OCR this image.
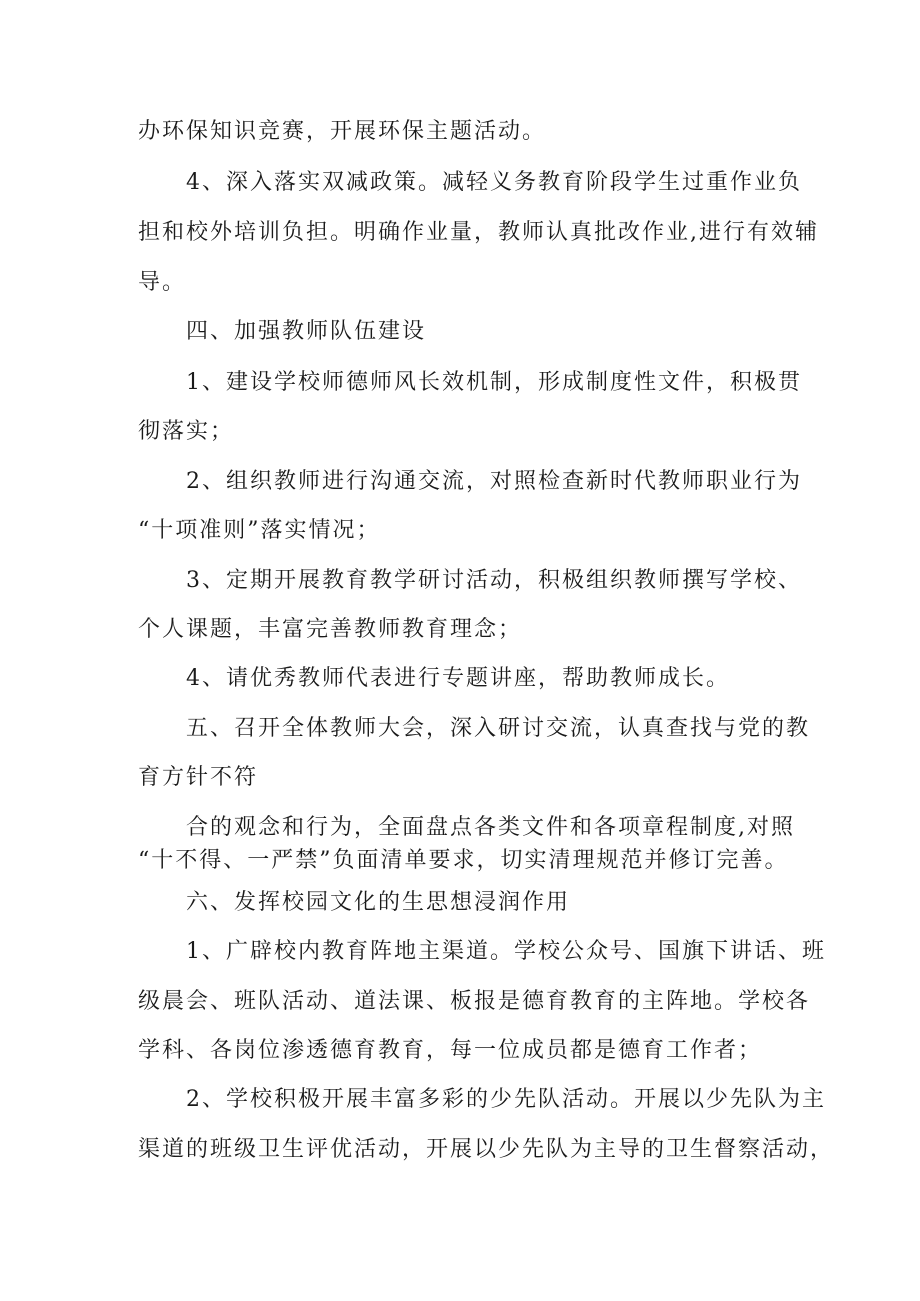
办环保知识竞赛，开展环保主题活动。
4、深入落实双减政策。减轻义务教育阶段学生过重作业负
担和校外培训负担。明确作业量，教师认真批改作业,进行有效辅
导。
四、加强教师队伍建设
1、建设学校师德师风长效机制，形成制度性文件，积极贯
彻落实；
2、组织教师进行沟通交流，对照检查新时代教师职业行为
“十项准则”落实情况；
3、定期开展教育教学研讨活动，积极组织教师撰写学校、
个人课题，丰富完善教师教育理念；
4、请优秀教师代表进行专题讲座，帮助教师成长。
五、召开全体教师大会，深入研讨交流，认真查找与党的教
育方针不符
合的观念和行为，全面盘点各类文件和各项章程制度,对照
“十不得、一严禁”负面清单要求，切实清理规范并修订完善。
六、发挥校园文化的生思想浸润作用
1、广辟校内教育阵地主渠道。学校公众号、国旗下讲话、班
级晨会、班队活动、道法课、板报是德育教育的主阵地。学校各
学科、各岗位渗透德育教育，每一位成员都是德育工作者；
2、学校积极开展丰富多彩的少先队活动。开展以少先队为主
渠道的班级卫生评优活动，开展以少先队为主导的卫生督察活动，
